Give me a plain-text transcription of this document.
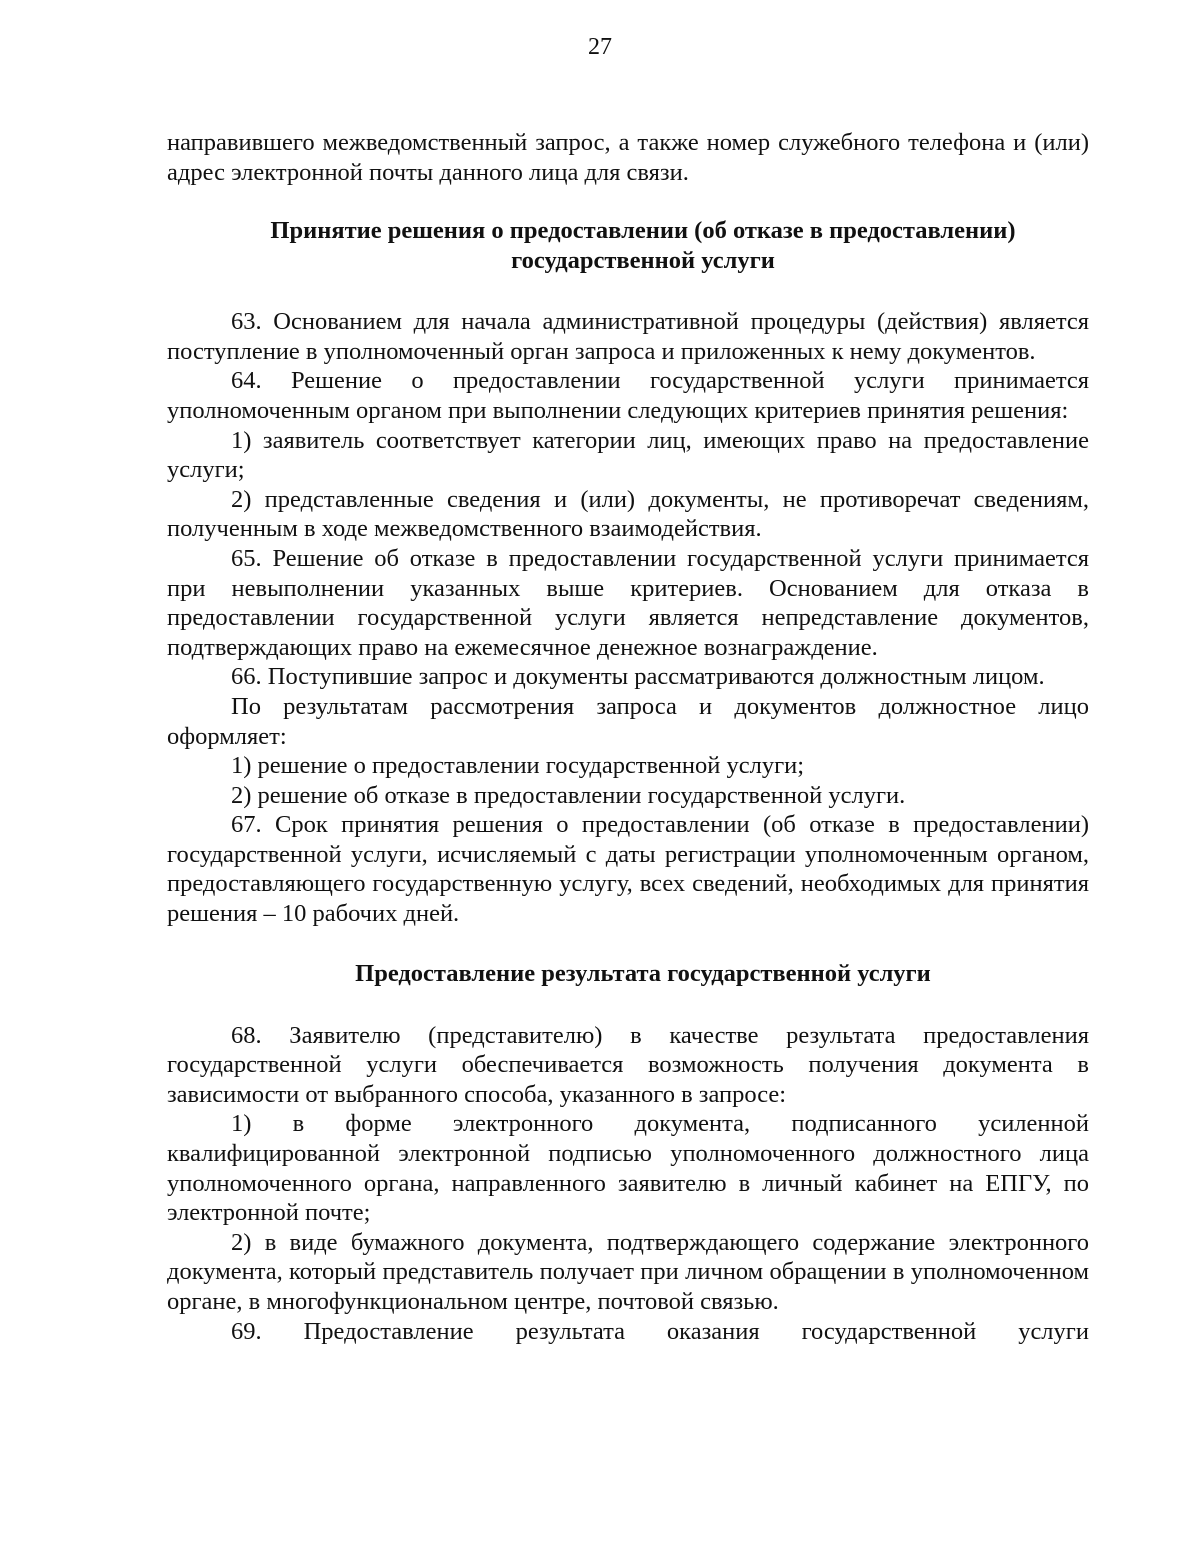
27

направившего межведомственный запрос, а также номер служебного телефона и (или) адрес электронной почты данного лица для связи.

Принятие решения о предоставлении (об отказе в предоставлении)
государственной услуги

63. Основанием для начала административной процедуры (действия) является поступление в уполномоченный орган запроса и приложенных к нему документов.

64. Решение о предоставлении государственной услуги принимается уполномоченным органом при выполнении следующих критериев принятия решения:

1) заявитель соответствует категории лиц, имеющих право на предоставление услуги;

2) представленные сведения и (или) документы, не противоречат сведениям, полученным в ходе межведомственного взаимодействия.

65. Решение об отказе в предоставлении государственной услуги принимается при невыполнении указанных выше критериев. Основанием для отказа в предоставлении государственной услуги является непредставление документов, подтверждающих право на ежемесячное денежное вознаграждение.

66. Поступившие запрос и документы рассматриваются должностным лицом.

По результатам рассмотрения запроса и документов должностное лицо оформляет:

1) решение о предоставлении государственной услуги;

2) решение об отказе в предоставлении государственной услуги.

67. Срок принятия решения о предоставлении (об отказе в предоставлении) государственной услуги, исчисляемый с даты регистрации уполномоченным органом, предоставляющего государственную услугу, всех сведений, необходимых для принятия решения – 10 рабочих дней.

Предоставление результата государственной услуги

68. Заявителю (представителю) в качестве результата предоставления государственной услуги обеспечивается возможность получения документа в зависимости от выбранного способа, указанного в запросе:

1) в форме электронного документа, подписанного усиленной квалифицированной электронной подписью уполномоченного должностного лица уполномоченного органа, направленного заявителю в личный кабинет на ЕПГУ, по электронной почте;

2) в виде бумажного документа, подтверждающего содержание электронного документа, который представитель получает при личном обращении в уполномоченном органе, в многофункциональном центре, почтовой связью.

69. Предоставление результата оказания государственной услуги
